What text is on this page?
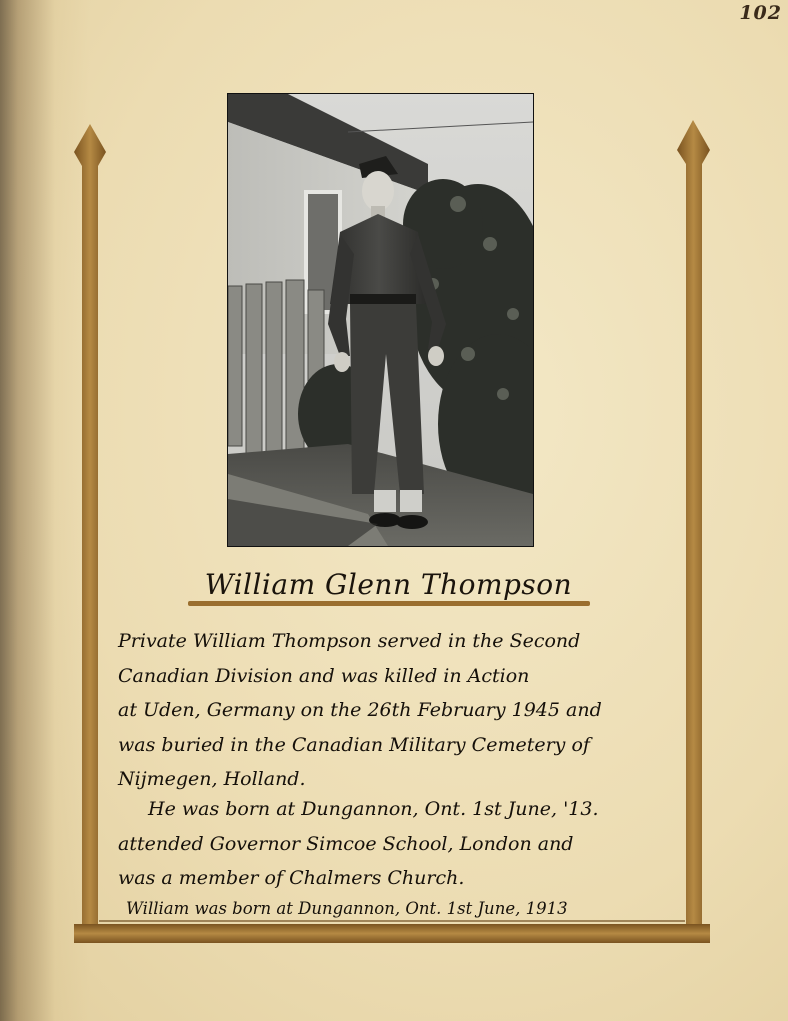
102
William Glenn Thompson
Private William Thompson served in the Second
Canadian Division and was killed in Action
at Uden, Germany on the 26th February 1945 and
was buried in the Canadian Military Cemetery of
Nijmegen, Holland.
He was born at Dungannon, Ont. 1st June, '13.
attended Governor Simcoe School, London and
was a member of Chalmers Church.
William was born at Dungannon, Ont. 1st June, 1913
